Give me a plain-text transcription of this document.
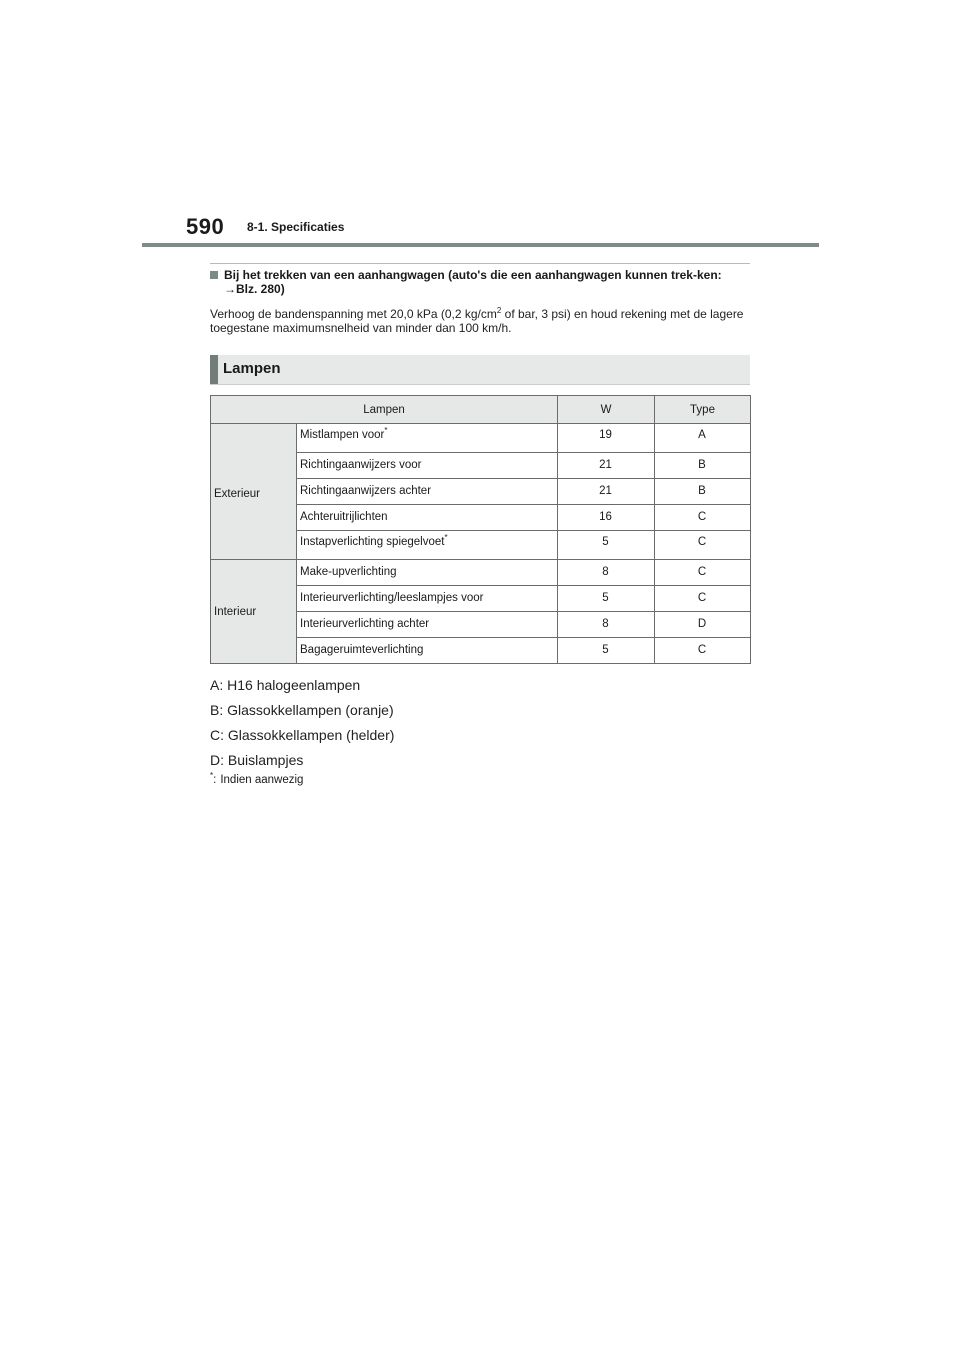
590 8-1. Specificaties
Bij het trekken van een aanhangwagen (auto's die een aanhangwagen kunnen trek-ken: →Blz. 280)
Verhoog de bandenspanning met 20,0 kPa (0,2 $kg/cm^2$ of bar, 3 psi) en houd rekening met de lagere toegestane maximumsnelheid van minder dan 100 km/h.
Lampen
Lampen		W	Type
Exterieur	Mistlampen voor*	19	A
	Richtingaanwijzers voor	21	B
	Richtingaanwijzers achter	21	B
	Achteruitrijlichten	16	C
	Instapverlichting spiegelvoet*	5	C
Interieur	Make-upverlichting	8	C
	Interieurverlichting/leeslampjes voor	5	C
	Interieurverlichting achter	8	D
	Bagageruimteverlichting	5	C
A: H16 halogeenlampen
B: Glassokkellampen (oranje)
C: Glassokkellampen (helder)
D: Buislampjes
*: Indien aanwezig
